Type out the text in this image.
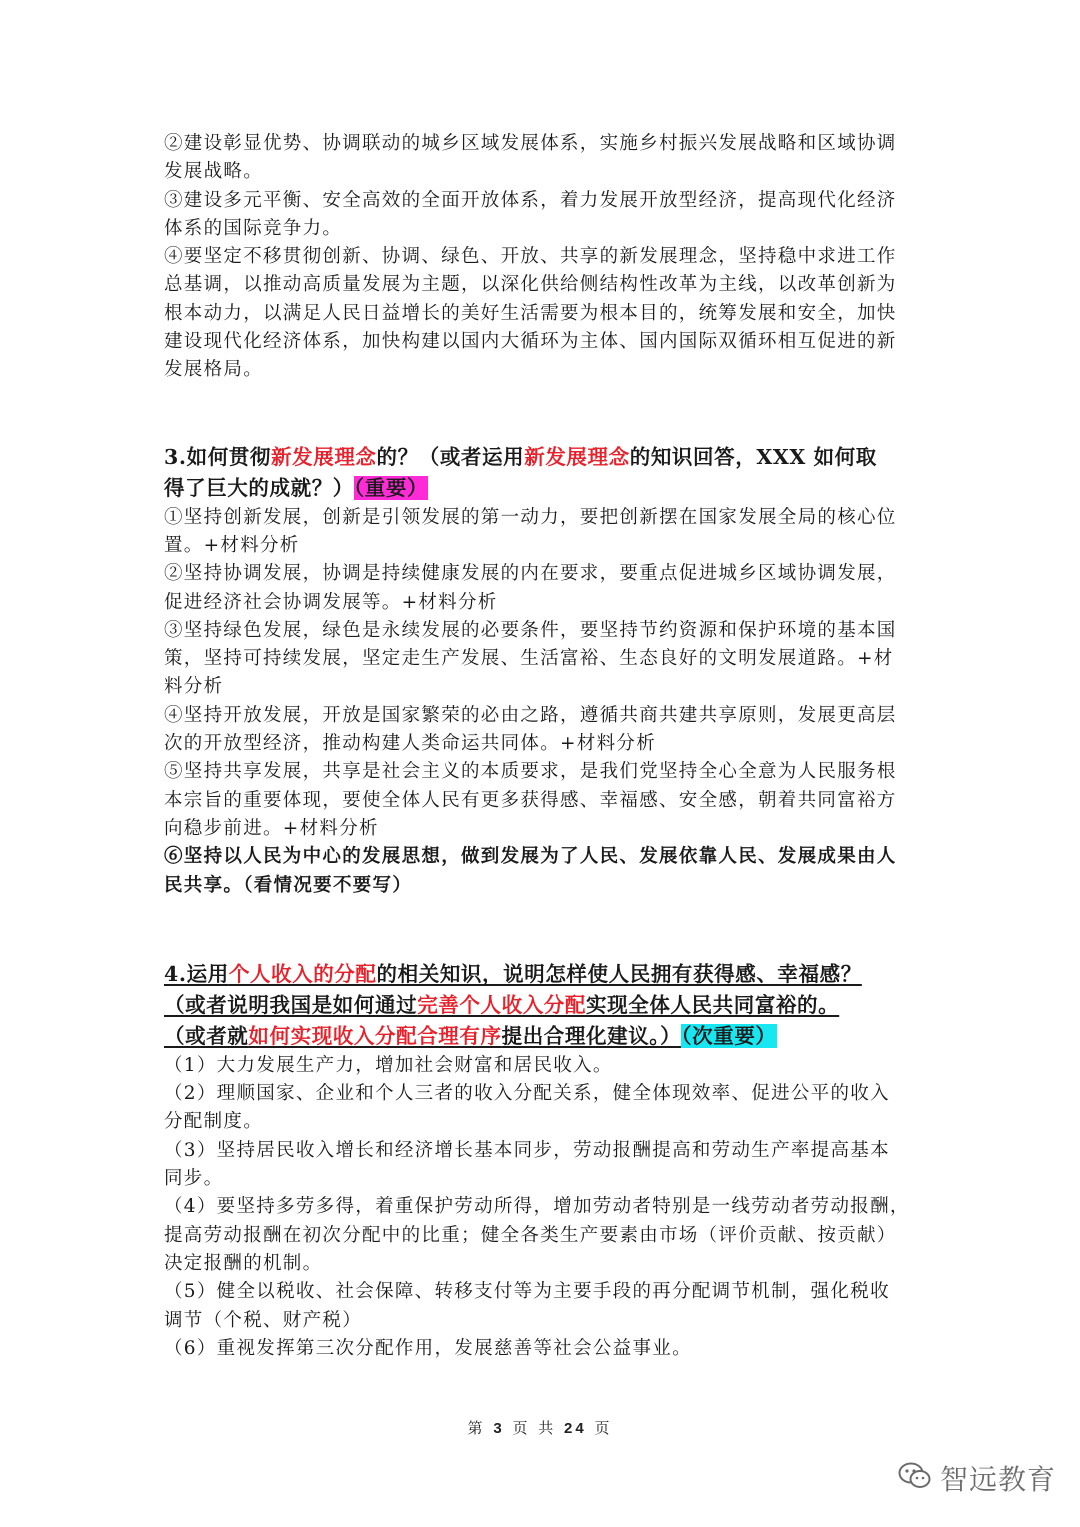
②建设彰显优势、协调联动的城乡区域发展体系，实施乡村振兴发展战略和区域协调
发展战略。
③建设多元平衡、安全高效的全面开放体系，着力发展开放型经济，提高现代化经济
体系的国际竞争力。
④要坚定不移贯彻创新、协调、绿色、开放、共享的新发展理念，坚持稳中求进工作
总基调，以推动高质量发展为主题，以深化供给侧结构性改革为主线，以改革创新为
根本动力，以满足人民日益增长的美好生活需要为根本目的，统筹发展和安全，加快
建设现代化经济体系，加快构建以国内大循环为主体、国内国际双循环相互促进的新
发展格局。
3.如何贯彻新发展理念的？（或者运用新发展理念的知识回答，XXX 如何取
得了巨大的成就？）（重要）
①坚持创新发展，创新是引领发展的第一动力，要把创新摆在国家发展全局的核心位
置。+材料分析
②坚持协调发展，协调是持续健康发展的内在要求，要重点促进城乡区域协调发展，
促进经济社会协调发展等。+材料分析
③坚持绿色发展，绿色是永续发展的必要条件，要坚持节约资源和保护环境的基本国
策，坚持可持续发展，坚定走生产发展、生活富裕、生态良好的文明发展道路。+材
料分析
④坚持开放发展，开放是国家繁荣的必由之路，遵循共商共建共享原则，发展更高层
次的开放型经济，推动构建人类命运共同体。+材料分析
⑤坚持共享发展，共享是社会主义的本质要求，是我们党坚持全心全意为人民服务根
本宗旨的重要体现，要使全体人民有更多获得感、幸福感、安全感，朝着共同富裕方
向稳步前进。+材料分析
⑥坚持以人民为中心的发展思想，做到发展为了人民、发展依靠人民、发展成果由人
民共享。（看情况要不要写）
4.运用个人收入的分配的相关知识，说明怎样使人民拥有获得感、幸福感？
（或者说明我国是如何通过完善个人收入分配实现全体人民共同富裕的。
（或者就如何实现收入分配合理有序提出合理化建议。）（次重要）
（1）大力发展生产力，增加社会财富和居民收入。
（2）理顺国家、企业和个人三者的收入分配关系，健全体现效率、促进公平的收入
分配制度。
（3）坚持居民收入增长和经济增长基本同步，劳动报酬提高和劳动生产率提高基本
同步。
（4）要坚持多劳多得，着重保护劳动所得，增加劳动者特别是一线劳动者劳动报酬，
提高劳动报酬在初次分配中的比重；健全各类生产要素由市场（评价贡献、按贡献）
决定报酬的机制。
（5）健全以税收、社会保障、转移支付等为主要手段的再分配调节机制，强化税收
调节（个税、财产税）
（6）重视发挥第三次分配作用，发展慈善等社会公益事业。
第 3 页 共 24 页
智远教育
